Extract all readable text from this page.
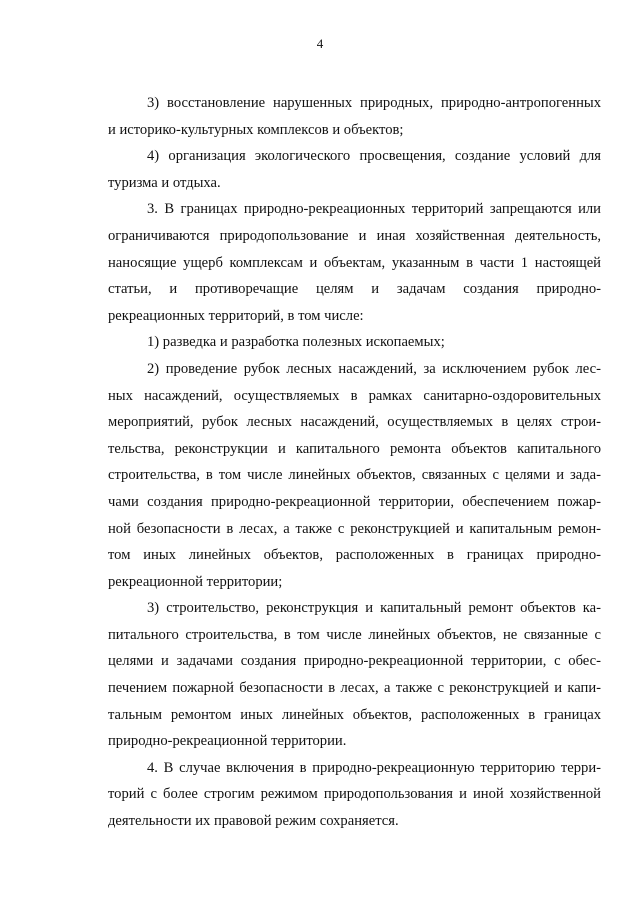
4

3) восстановление нарушенных природных, природно-антропогенных
и историко-культурных комплексов и объектов;

4) организация экологического просвещения, создание условий для
туризма и отдыха.

3. В границах природно-рекреационных территорий запрещаются или
ограничиваются природопользование и иная хозяйственная деятельность,
наносящие ущерб комплексам и объектам, указанным в части 1 настоящей
статьи, и противоречащие целям и задачам создания природно-
рекреационных территорий, в том числе:

1) разведка и разработка полезных ископаемых;

2) проведение рубок лесных насаждений, за исключением рубок лес-
ных насаждений, осуществляемых в рамках санитарно-оздоровительных
мероприятий, рубок лесных насаждений, осуществляемых в целях строи-
тельства, реконструкции и капитального ремонта объектов капитального
строительства, в том числе линейных объектов, связанных с целями и зада-
чами создания природно-рекреационной территории, обеспечением пожар-
ной безопасности в лесах, а также с реконструкцией и капитальным ремон-
том иных линейных объектов, расположенных в границах природно-
рекреационной территории;

3) строительство, реконструкция и капитальный ремонт объектов ка-
питального строительства, в том числе линейных объектов, не связанные с
целями и задачами создания природно-рекреационной территории, с обес-
печением пожарной безопасности в лесах, а также с реконструкцией и капи-
тальным ремонтом иных линейных объектов, расположенных в границах
природно-рекреационной территории.

4. В случае включения в природно-рекреационную территорию терри-
торий с более строгим режимом природопользования и иной хозяйственной
деятельности их правовой режим сохраняется.
